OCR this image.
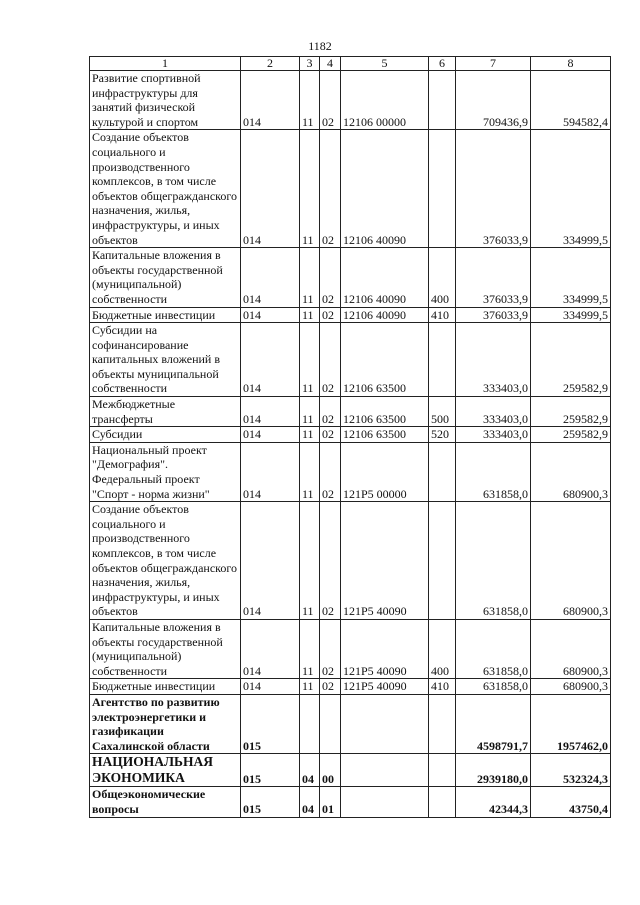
1182
1	2	3	4	5	6	7	8
Развитие спортивной инфраструктуры для занятий физической культурой и спортом	014	11	02	12106 00000		709436,9	594582,4
Создание объектов социального и производственного комплексов, в том числе объектов общегражданского назначения, жилья, инфраструктуры, и иных объектов	014	11	02	12106 40090		376033,9	334999,5
Капитальные вложения в объекты государственной (муниципальной) собственности	014	11	02	12106 40090	400	376033,9	334999,5
Бюджетные инвестиции	014	11	02	12106 40090	410	376033,9	334999,5
Субсидии на софинансирование капитальных вложений в объекты муниципальной собственности	014	11	02	12106 63500		333403,0	259582,9
Межбюджетные трансферты	014	11	02	12106 63500	500	333403,0	259582,9
Субсидии	014	11	02	12106 63500	520	333403,0	259582,9
Национальный проект "Демография". Федеральный проект "Спорт - норма жизни"	014	11	02	121P5 00000		631858,0	680900,3
Создание объектов социального и производственного комплексов, в том числе объектов общегражданского назначения, жилья, инфраструктуры, и иных объектов	014	11	02	121P5 40090		631858,0	680900,3
Капитальные вложения в объекты государственной (муниципальной) собственности	014	11	02	121P5 40090	400	631858,0	680900,3
Бюджетные инвестиции	014	11	02	121P5 40090	410	631858,0	680900,3
Агентство по развитию электроэнергетики и газификации Сахалинской области	015					4598791,7	1957462,0
НАЦИОНАЛЬНАЯ ЭКОНОМИКА	015	04	00			2939180,0	532324,3
Общеэкономические вопросы	015	04	01			42344,3	43750,4
